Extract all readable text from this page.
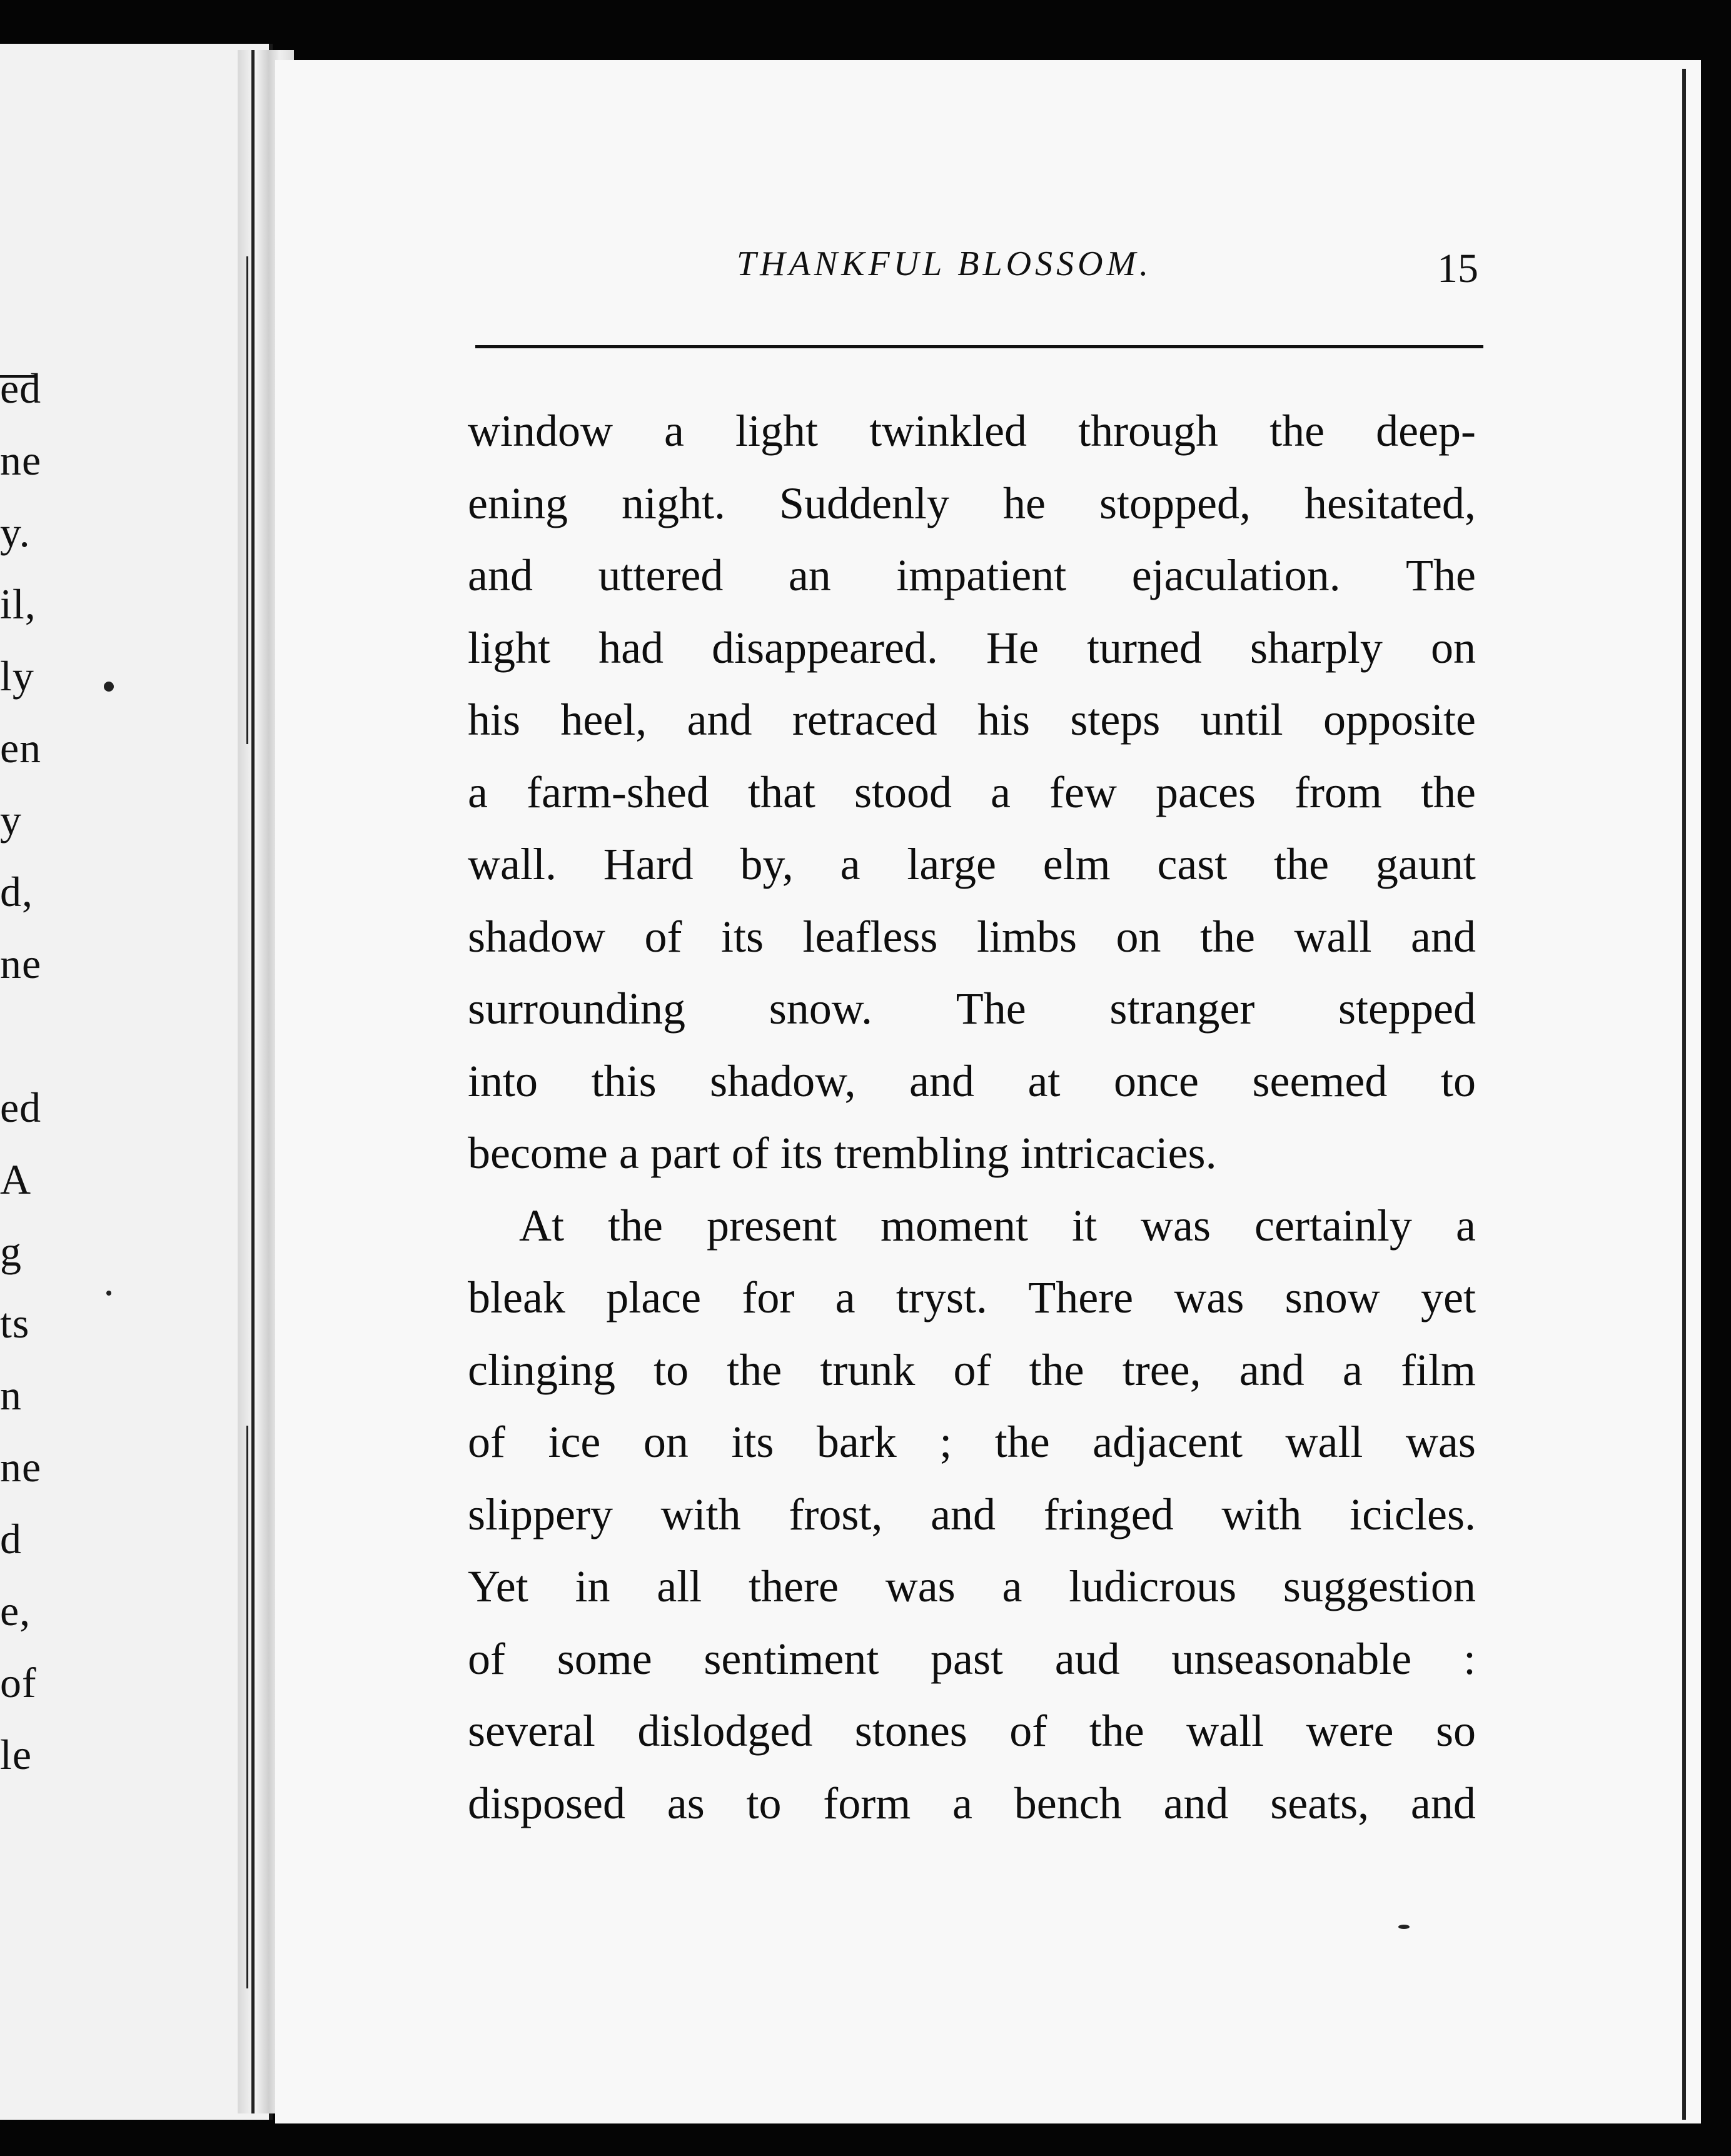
ed
ne
y.
il,
ly
en
y
d,
ne
ed
A
g
ts
n
ne
d
e,
of
le
THANKFUL BLOSSOM.	15
window a light twinkled through the deep-
ening night. Suddenly he stopped, hesitated,
and uttered an impatient ejaculation. The
light had disappeared. He turned sharply on
his heel, and retraced his steps until opposite
a farm-shed that stood a few paces from the
wall. Hard by, a large elm cast the gaunt
shadow of its leafless limbs on the wall and
surrounding snow. The stranger stepped
into this shadow, and at once seemed to
become a part of its trembling intricacies.
At the present moment it was certainly a
bleak place for a tryst. There was snow yet
clinging to the trunk of the tree, and a film
of ice on its bark ; the adjacent wall was
slippery with frost, and fringed with icicles.
Yet in all there was a ludicrous suggestion
of some sentiment past aud unseasonable :
several dislodged stones of the wall were so
disposed as to form a bench and seats, and
